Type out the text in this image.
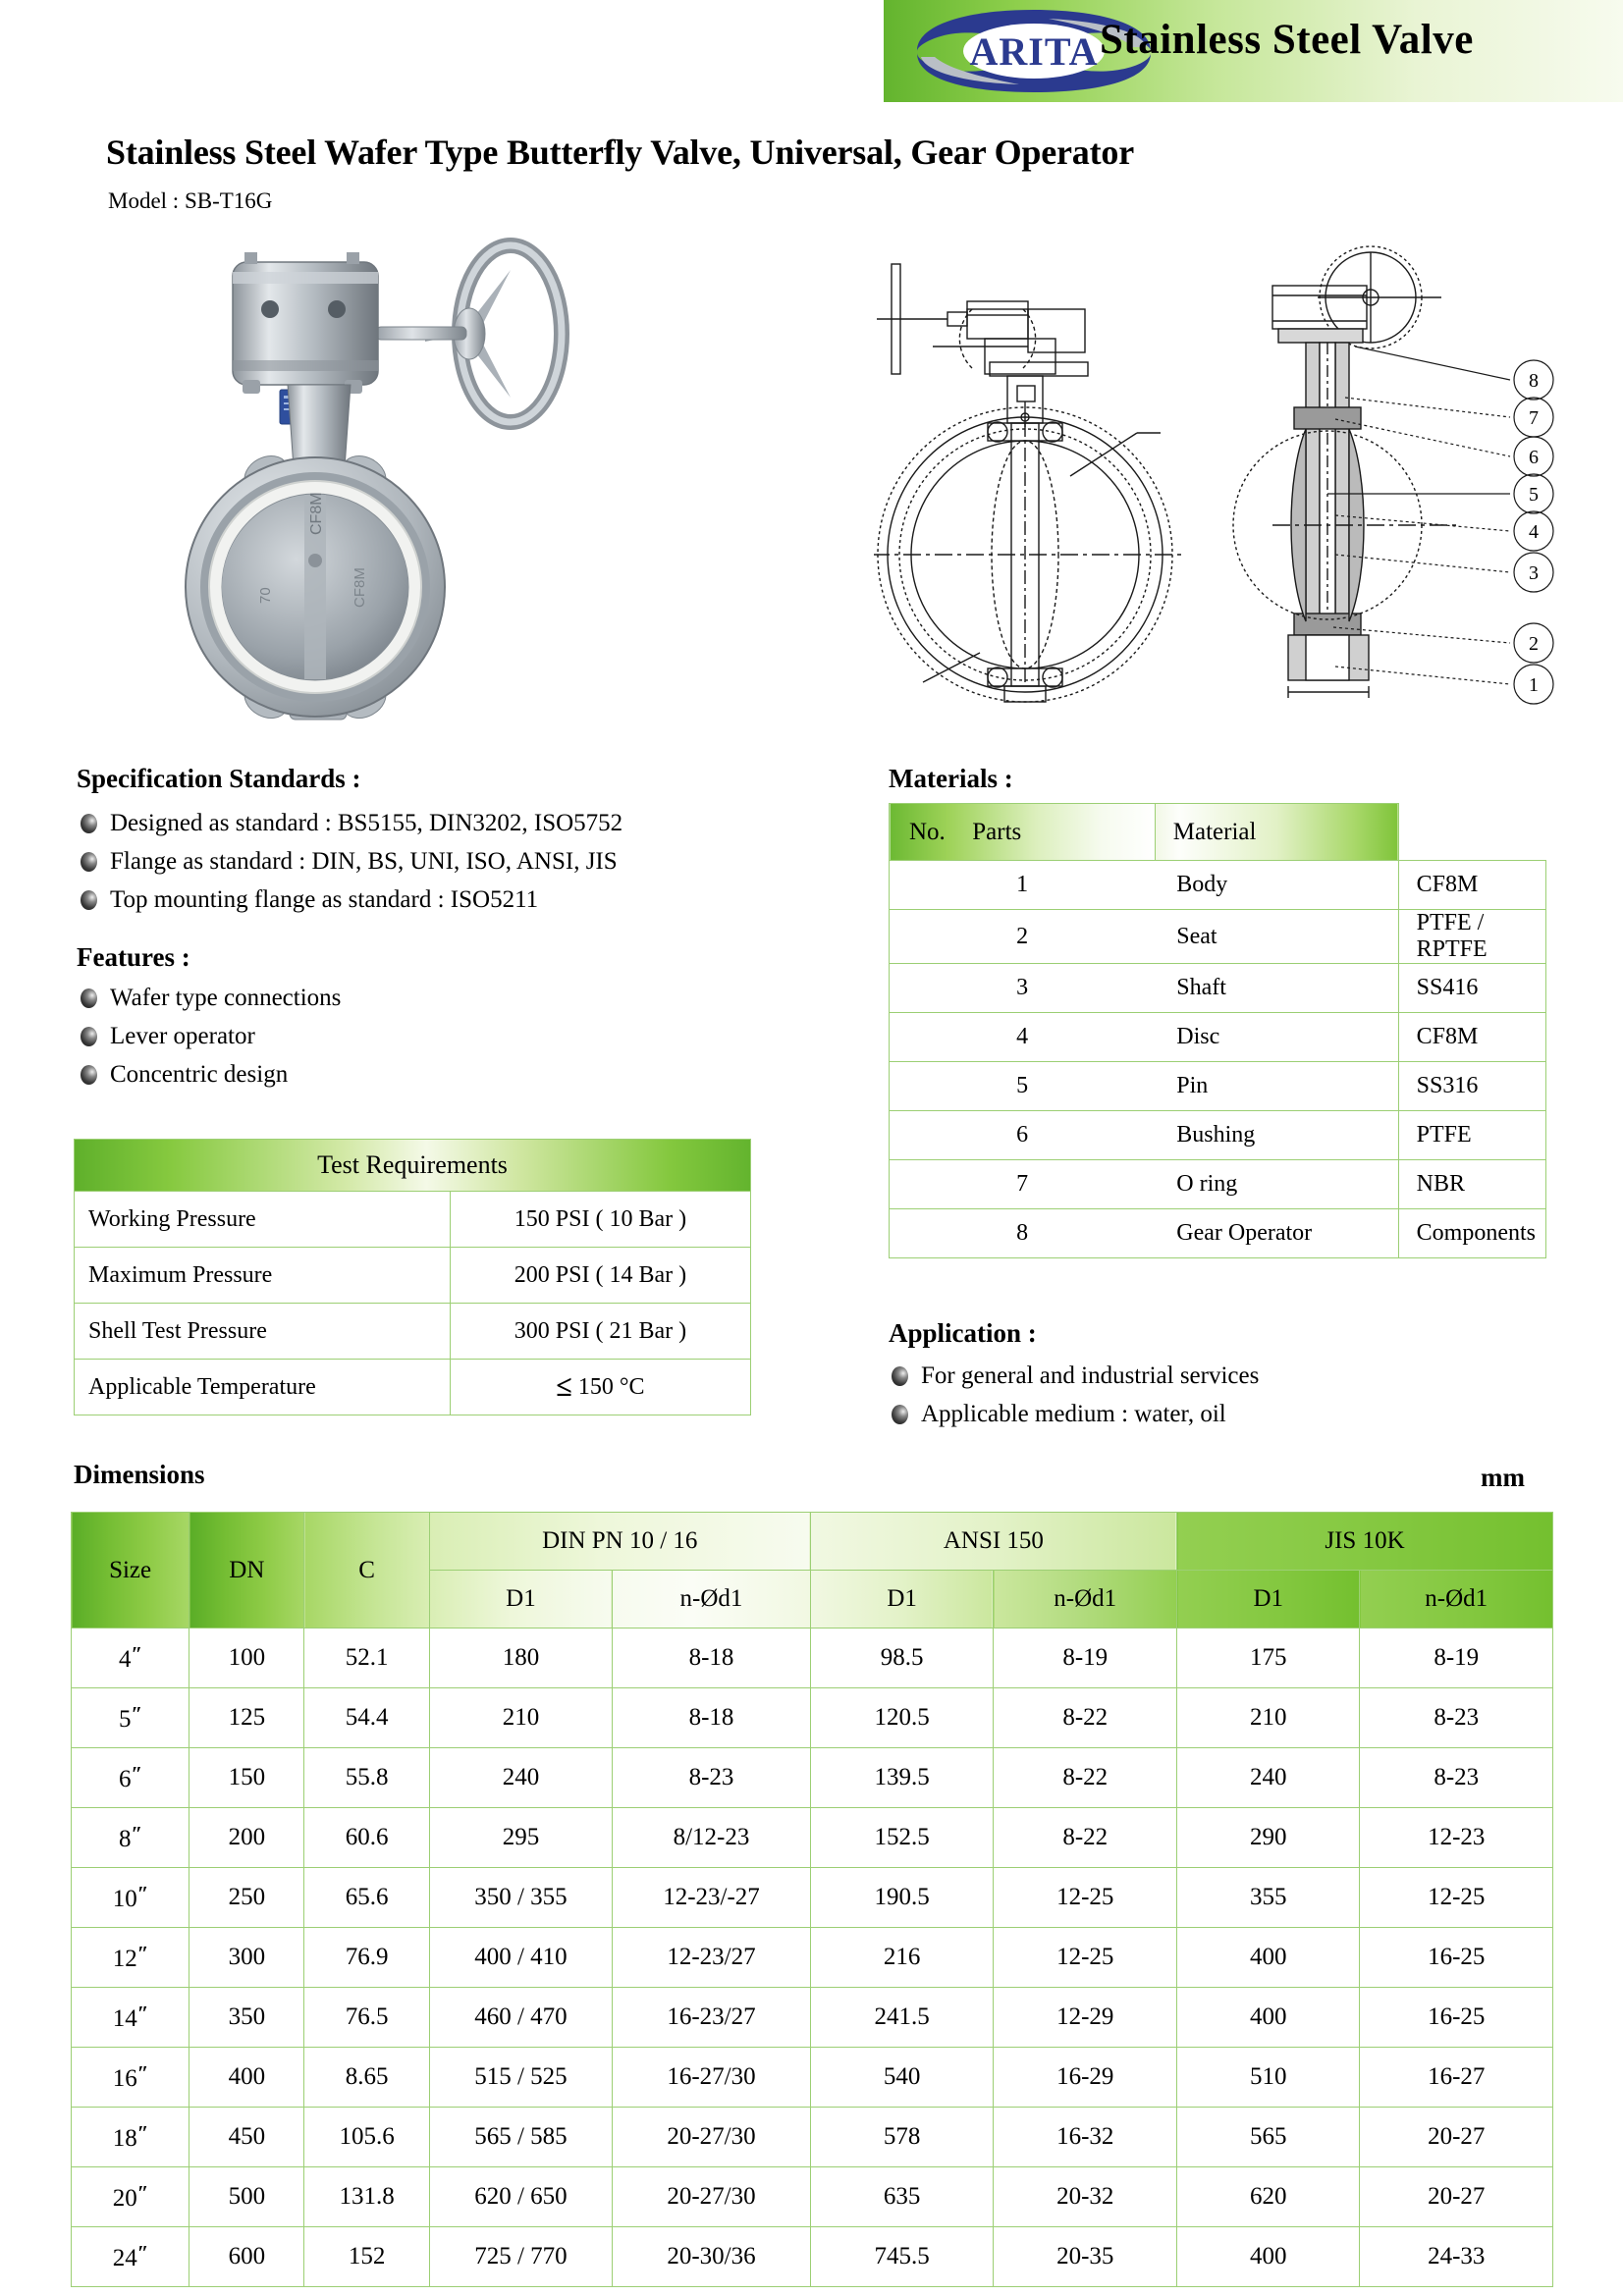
ARITA Stainless Steel Valve
Stainless Steel Wafer Type Butterfly Valve, Universal, Gear Operator
Model : SB-T16G
70	CF8M
CF8M
8
7
6
5
4
3
2
1
Specification Standards :
Designed as standard : BS5155, DIN3202, ISO5752
Flange as standard : DIN, BS, UNI, ISO, ANSI, JIS
Top mounting flange as standard : ISO5211
Features :
Wafer type connections
Lever operator
Concentric design
Test Requirements	
Working Pressure	150 PSI ( 10 Bar )
Maximum Pressure	200 PSI ( 14 Bar )
Shell Test Pressure	300 PSI ( 21 Bar )
Applicable Temperature	≤ 150 °C
Materials :
No. Parts	Material	
1	Body	CF8M
2	Seat	PTFE / RPTFE
3	Shaft	SS416
4	Disc	CF8M
5	Pin	SS316
6	Bushing	PTFE
7	O ring	NBR
8	Gear Operator	Components
Application :
For general and industrial services
Applicable medium : water, oil
Dimensions	mm
Size	DN	C	DIN PN 10 / 16		ANSI 150		JIS 10K	
			D1	n-Ød1	D1	n-Ød1	D1	n-Ød1
4″	100	52.1	180	8-18	98.5	8-19	175	8-19
5″	125	54.4	210	8-18	120.5	8-22	210	8-23
6″	150	55.8	240	8-23	139.5	8-22	240	8-23
8″	200	60.6	295	8/12-23	152.5	8-22	290	12-23
10″	250	65.6	350 / 355	12-23/-27	190.5	12-25	355	12-25
12″	300	76.9	400 / 410	12-23/27	216	12-25	400	16-25
14″	350	76.5	460 / 470	16-23/27	241.5	12-29	400	16-25
16″	400	8.65	515 / 525	16-27/30	540	16-29	510	16-27
18″	450	105.6	565 / 585	20-27/30	578	16-32	565	20-27
20″	500	131.8	620 / 650	20-27/30	635	20-32	620	20-27
24″	600	152	725 / 770	20-30/36	745.5	20-35	400	24-33
